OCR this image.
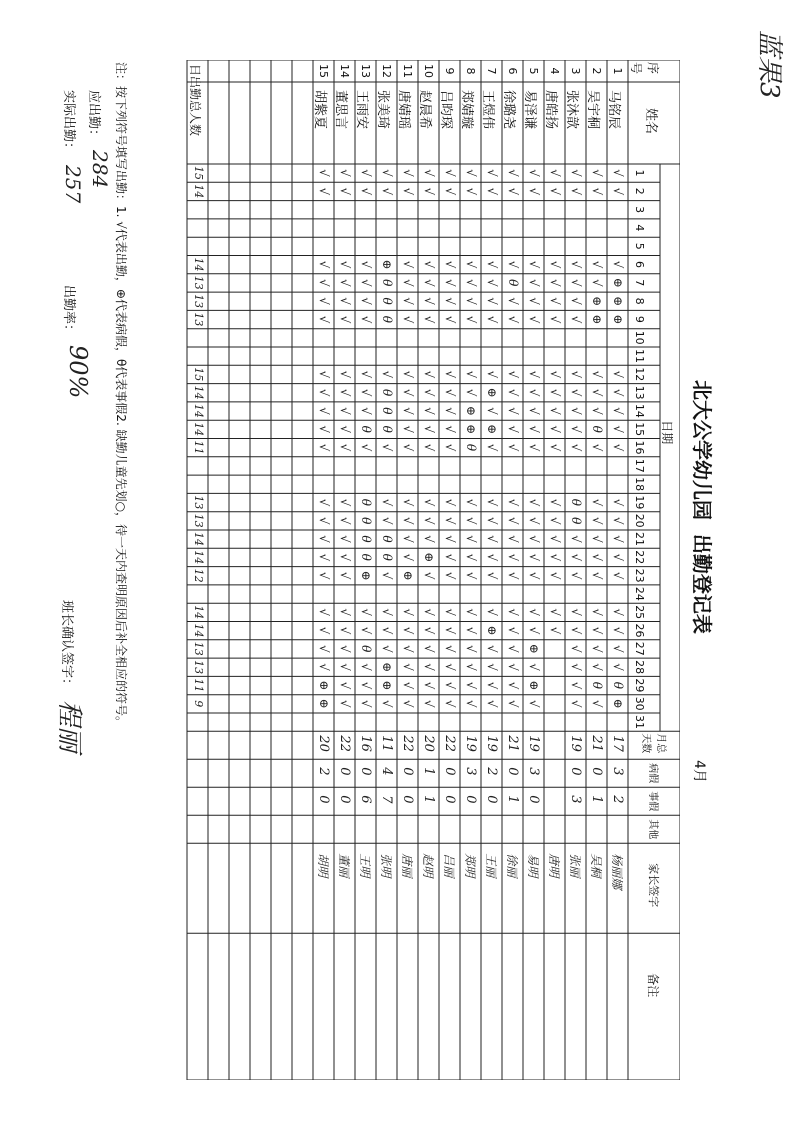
蓝果3
北大公学幼儿园  出勤登记表
4月
序号
姓名
日期
1
2
3
4
5
6
7
8
9
10
11
12
13
14
15
16
17
18
19
20
21
22
23
24
25
26
27
28
29
30
31
月总天数
病假
事假
其他
家长签字
备注
1
马铭辰
√
√
√
⊕
⊕
⊕
√
√
√
√
√
√
√
√
√
√
√
√
√
√
θ
⊕
17
3
2
杨丽娜
2
吴宇桐
√
√
√
√
⊕
⊕
√
√
√
θ
√
√
√
√
√
√
√
√
√
√
θ
√
21
0
1
吴桐
3
张沐歆
√
√
√
√
√
√
√
√
√
√
√
θ
θ
√
√
√
√
√
√
√
√
√
19
0
3
张丽
4
唐皓扬
√
√
√
√
√
√
√
√
√
√
√
√
√
√
√
√
√
√
唐明
5
易泽谦
√
√
√
√
√
√
√
√
√
√
√
√
√
√
√
√
√
√
⊕
√
⊕
√
19
3
0
易明
6
徐璐尧
√
√
√
θ
√
√
√
√
√
√
√
√
√
√
√
√
√
√
√
√
√
√
21
0
1
徐丽
7
王煜伟
√
√
√
√
√
√
√
⊕
√
⊕
√
√
√
√
√
√
√
⊕
√
√
√
√
19
2
0
王丽
8
郑婧璇
√
√
√
√
√
√
√
√
⊕
⊕
θ
√
√
√
√
√
√
√
√
√
√
√
19
3
0
郑明
9
吕昀琛
√
√
√
√
√
√
√
√
√
√
√
√
√
√
√
√
√
√
√
√
√
√
22
0
0
吕丽
10
赵晨希
√
√
√
√
√
√
√
√
√
√
√
√
√
√
⊕
√
√
√
√
√
√
√
20
1
1
赵明
11
唐婧瑶
√
√
√
√
√
√
√
√
√
√
√
√
√
√
√
⊕
√
√
√
√
√
√
22
0
0
唐丽
12
张美琦
√
√
⊕
θ
θ
θ
√
θ
θ
θ
√
√
√
θ
θ
√
√
√
√
⊕
⊕
√
11
4
7
张明
13
王雨安
√
√
√
√
√
√
√
√
√
θ
√
θ
θ
θ
θ
⊕
√
√
θ
√
√
√
16
0
6
王明
14
董思言
√
√
√
√
√
√
√
√
√
√
√
√
√
√
√
√
√
√
√
√
√
√
22
0
0
董丽
15
胡紫夏
√
√
√
√
√
√
√
√
√
√
√
√
√
√
√
√
√
√
√
√
⊕
⊕
20
2
0
胡明
日出勤总人数
15
14
14
13
13
13
15
14
14
14
11
13
13
14
14
12
14
14
13
13
11
9
注：按下列符号填写出勤：1. √代表出勤，⊕代表病假，θ代表事假2. 缺勤儿童先划○，待一天内查明原因后补全相应的符号。
应出勤：
284
实际出勤：
257
出勤率：
90%
班长确认签字：
程丽
